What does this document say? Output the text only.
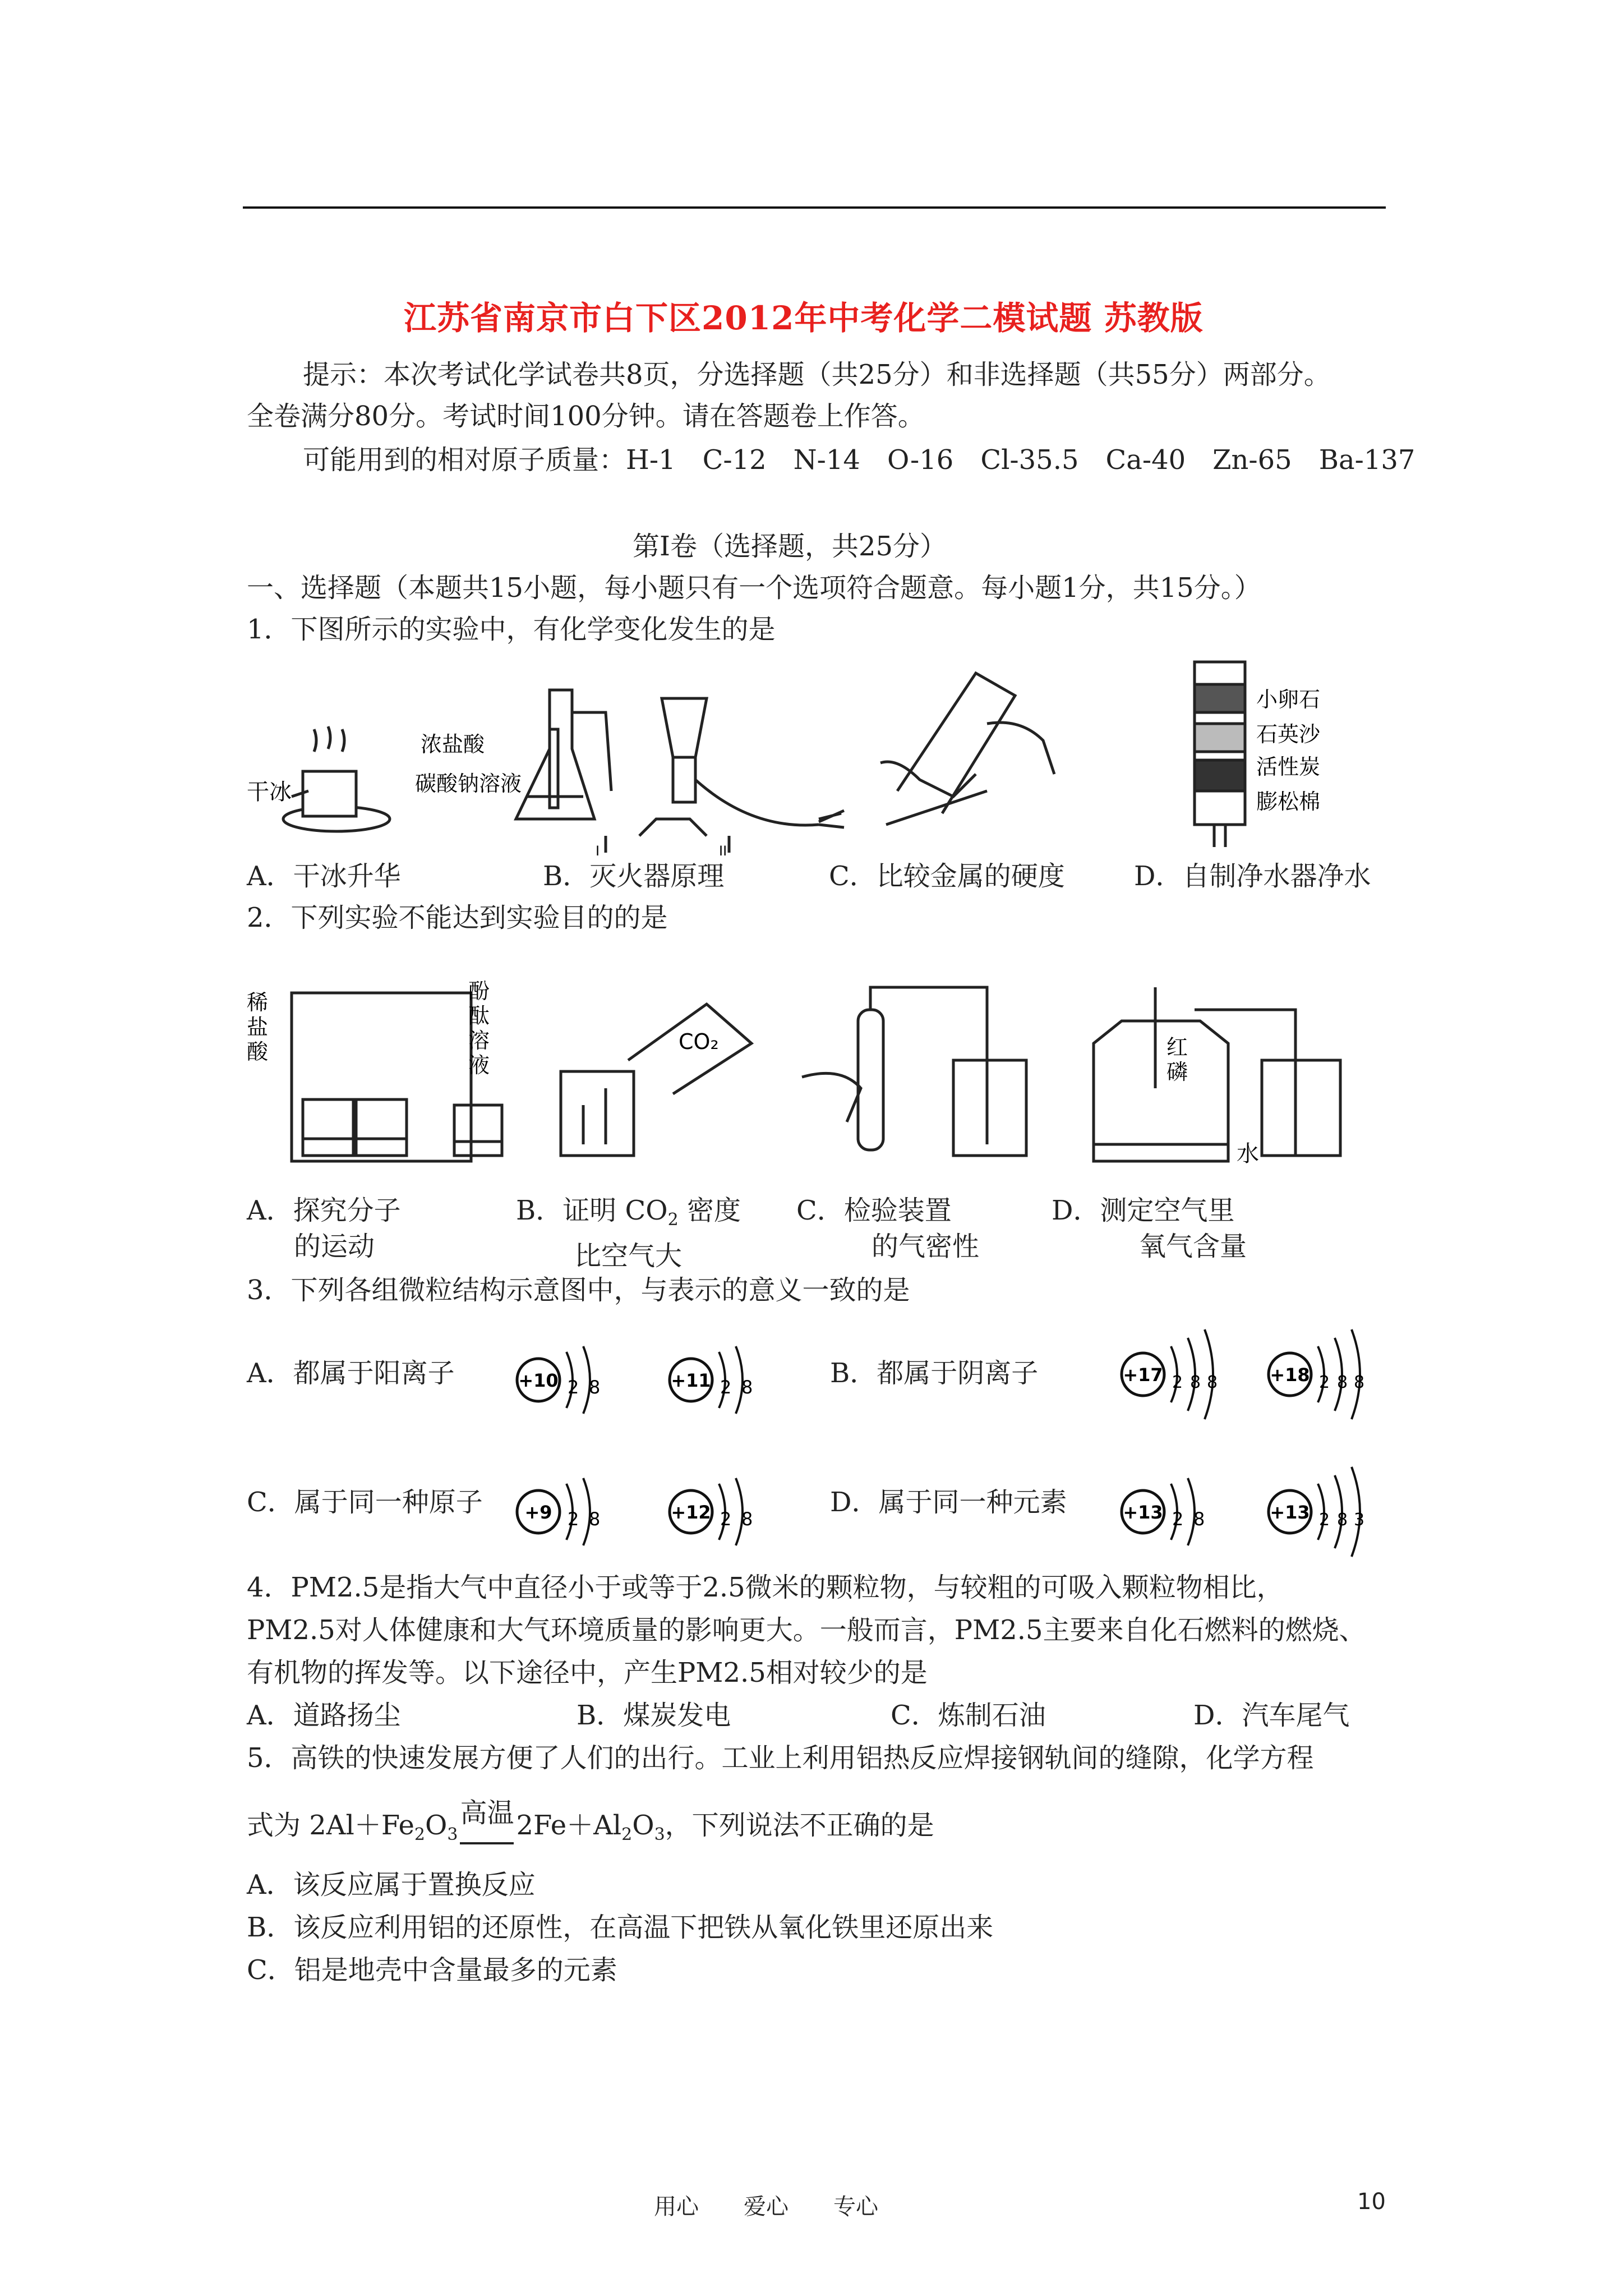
江苏省南京市白下区2012年中考化学二模试题 苏教版
提示：本次考试化学试卷共8页，分选择题（共25分）和非选择题（共55分）两部分。
全卷满分80分。考试时间100分钟。请在答题卷上作答。
可能用到的相对原子质量：H-1　C-12　N-14　O-16　Cl-35.5　Ca-40　Zn-65　Ba-137
第Ⅰ卷（选择题，共25分）
一、选择题（本题共15小题，每小题只有一个选项符合题意。每小题1分，共15分。）
1．下图所示的实验中，有化学变化发生的是
干冰
浓盐酸
碳酸钠溶液
I	II
小卵石
石英沙
活性炭
膨松棉
A．干冰升华	B．灭火器原理	C．比较金属的硬度	D．自制净水器净水
2．下列实验不能达到实验目的的是
稀盐酸
酚酞溶液
CO₂	红磷
水
A．探究分子
的运动
B．证明 $CO_2$ 密度
比空气大
C．检验装置
的气密性
D．测定空气里
氧气含量
3．下列各组微粒结构示意图中，与表示的意义一致的是
A．都属于阳离子	B．都属于阴离子
C．属于同一种原子	D．属于同一种元素
+10 2 8	+11 2 8
+17 2 8 8	+18 2 8 8
+9 2 8	+12 2 8	+13 2 8	+13 2 8 3
4．PM2.5是指大气中直径小于或等于2.5微米的颗粒物，与较粗的可吸入颗粒物相比，
PM2.5对人体健康和大气环境质量的影响更大。一般而言，PM2.5主要来自化石燃料的燃烧、
有机物的挥发等。以下途径中，产生PM2.5相对较少的是
A．道路扬尘	B．煤炭发电	C．炼制石油	D．汽车尾气
5．高铁的快速发展方便了人们的出行。工业上利用铝热反应焊接钢轨间的缝隙，化学方程
式为 $2Al+Fe_2O_3$高温$2Fe+Al_2O_3$，下列说法不正确的是
A．该反应属于置换反应
B．该反应利用铝的还原性，在高温下把铁从氧化铁里还原出来
C．铝是地壳中含量最多的元素
用心　　爱心　　专心	10
